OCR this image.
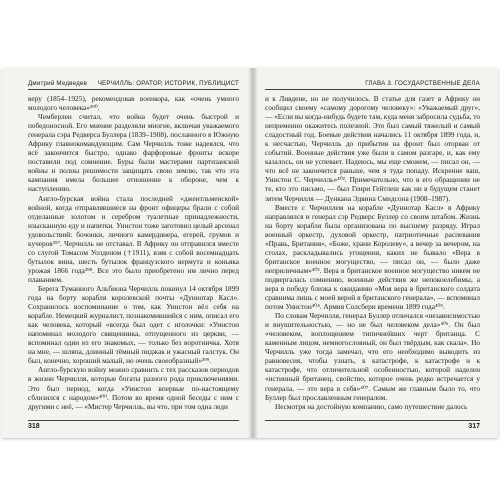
Дмитрий Медведев ЧЕРЧИЛЛЬ: ОРАТОР, ИСТОРИК, ПУБЛИЦИСТ

веру (1854–1925), рекомендовав военкора, как «очень умного молодого человека»³⁹⁰.

Чемберлен считал, что война будет очень быстрой и победоносной. Его мнение разделяли многие, включая уважаемого генерала сэра Редверса Буллера (1839–1908), посланного в Южную Африку главнокомандующим. Сам Черчилль тоже надеялся, что всё закончится быстро, однако фарфоровые фронты вскоре поставили под сомнение. Буры были мастерами партизанской войны и полны решимости защищать свою землю, так что эта кампания имела большее отношение к обороне, чем к наступлению.

Англо-бурская война стала последней «джентльменской» войной, когда отправлявшиеся на фронт офицеры брали с собой отделанные золотом и серебром туалетные принадлежности, изысканную еду и напитки. Уинстон тоже заготовил целый арсенал удовольствий: бочонки, личного камердинера, егерей, грумов и кучеров³⁹⁷. Черчилль не отставал. В Африку он отправился вместе со слугой Томасом Уолденом (†1911), взяв с собой восемнадцать бутылок вина, шесть бутылок французского вермута и коньяка урожая 1866 года³⁹⁸. Все это было приобретено им лично перед плаванием.

Берега Туманного Альбиона Черчилль покинул 14 октября 1899 года на борту корабля королевской почты «Дуннотар Касл». Сохранилось воспоминание о том, как Уинстон вёл себя на корабле. Немецкий журналист, познакомившийся с ним, описал его как человека, который «всегда был одет с иголочки: «Уинстон напоминал молодого священника, отпущенного из церкви, — вспоминал один из его знакомых, — только без воротничка. Хотя на мне, — шляпа, длинный тёмный пиджак и ужасный галстук. Он был, конечно, хороший малый, но очень своеобразный»³⁹⁹.

Англо-бурскую войну можно сравнить с тех рассказов периодов в жизни Черчилля, которые богаты разного рода приключениями. Это был период, когда «Уинстон впервые по-настоящему сблизился с народом»⁴⁰⁰. Потом во время одной беседы с ним с другими с неё, — «Мистер Черчилль, вы что, при том одна леди

318
ГЛАВА 3. ГОСУДАРСТВЕННЫЕ ДЕЛА

и к Ливдене, но не получилось. В статье для газет в Африку он сообщил своему «самому дорогому человеку»: «Уважаемый друг», — «Если вы когда-нибудь будете там, куда меня забросила судьба, то непременно окажитесь полезной. Это был самый тяжелый и самый сладостный год. Боевые действия начались 11 октября 1899 года, и, к несчастью, Черчилль до прибытия на фронт был оторван от событий. Военные действия уже были в самом разгаре, и, как ему казалось, он не успевает. Надеюсь, мы еще сможем, — писал он, — что всё не закончится раньше, чем я туда попаду. Искренне ваш, Уинстон С. Черчилль»⁴⁰². Примечательно, что в его обращении не те, кто это письмо, — был Генри Гейтлеш как ни в будущем станет зятем Черчилля — Дункана Эдвина Смидсона (1908–1987).

Вместе с Черчиллем на корабле «Дуннотар Касл» в Африку направлялся и генерал сэр Редверс Буллер со своим штабом. Жизнь на борту корабля была организована по высшему разряду. Играл военный оркестр, духовой оркестр, патриотичные распевания «Правь, Британия», «Боже, храни Королеву», а вечер за вечером, на столах, раскладывались угощения, каких не бывало «Вера в британское военное могущество, — писал он, — было даже неприличным»⁴⁰³. Вера в британское военное могущество никем не подвергалась сомнению, военные действия же непокоелебимы, а вера в победу близка к ожиданию «Моя вера в британского солдата сравнима лишь с моей верой в британского генерала», — вспоминал потом Уинстон⁴⁰⁴. Армия Солсбери времени 1899 года⁴⁰⁵.

По словам Черчилля, генерал Буллер отличался «независимостью и внушительностью, — но не был человеком дела»⁴⁰⁶. Он был «человеком, воплощением типичнейших черт британца. С каменным лицом, немногословный, он был твёрдым, как скала». Но Черчилль уже тогда замечал, что его необходимо выводить из равновесия, чтобы узнать, к катастрофе, к катастрофе и к катастрофе, что отличительной особенностью, которой наделен «истинный британец, свойство, которое очень редко встречается у генерала, — это вера в себя»⁴⁰⁷. Самым же главным было то, что Буллер был прославленным генералом.

Несмотря на достойную компанию, само путешествие далось

317
